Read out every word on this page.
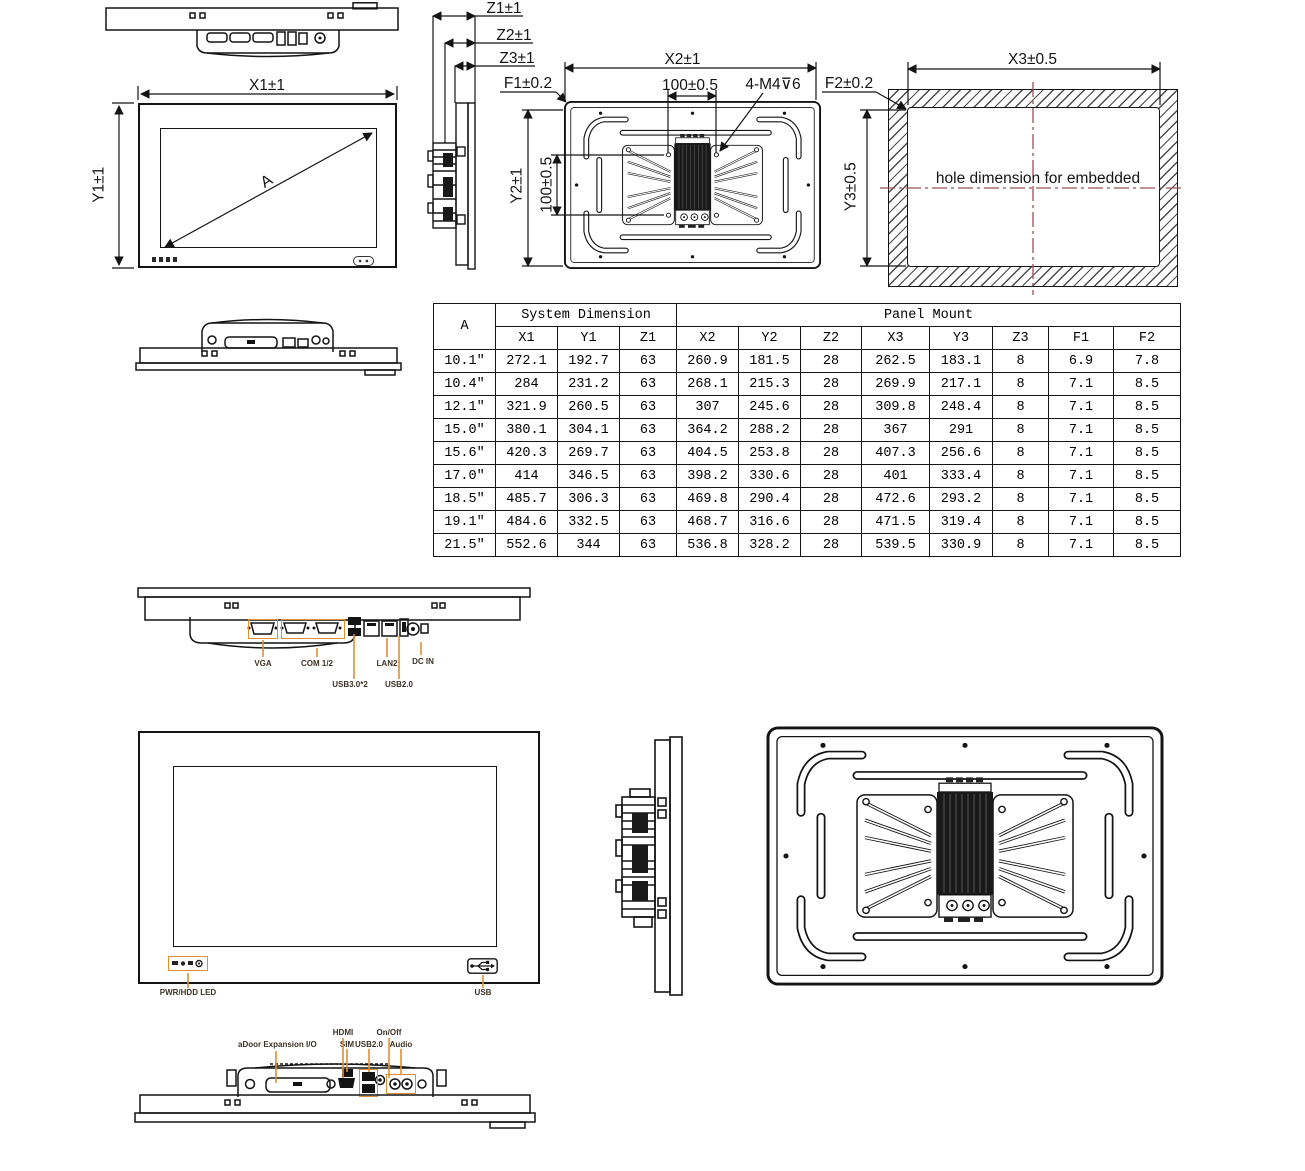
A	hole dimension for embedded
A	System Dimension			Panel Mount							
	X1	Y1	Z1	X2	Y2	Z2	X3	Y3	Z3	F1	F2
10.1"	272.1	192.7	63	260.9	181.5	28	262.5	183.1	8	6.9	7.8
10.4"	284	231.2	63	268.1	215.3	28	269.9	217.1	8	7.1	8.5
12.1"	321.9	260.5	63	307	245.6	28	309.8	248.4	8	7.1	8.5
15.0"	380.1	304.1	63	364.2	288.2	28	367	291	8	7.1	8.5
15.6"	420.3	269.7	63	404.5	253.8	28	407.3	256.6	8	7.1	8.5
17.0"	414	346.5	63	398.2	330.6	28	401	333.4	8	7.1	8.5
18.5"	485.7	306.3	63	469.8	290.4	28	472.6	293.2	8	7.1	8.5
19.1"	484.6	332.5	63	468.7	316.6	28	471.5	319.4	8	7.1	8.5
21.5"	552.6	344	63	536.8	328.2	28	539.5	330.9	8	7.1	8.5
VGA	COM 1/2
USB3.0*2
LAN2
USB2.0
DC IN
PWR/HDD LED	USB
aDoor Expansion I/O
HDMI
SIM USB2.0
On/Off
Audio
X1±1
Y1±1
Z1±1
Z2±1
Z3±1
F1±0.2
X2±1
100±0.5	4-M4⊽6	F2±0.2
Y2±1 100±0.5
X3±0.5
Y3±0.5
